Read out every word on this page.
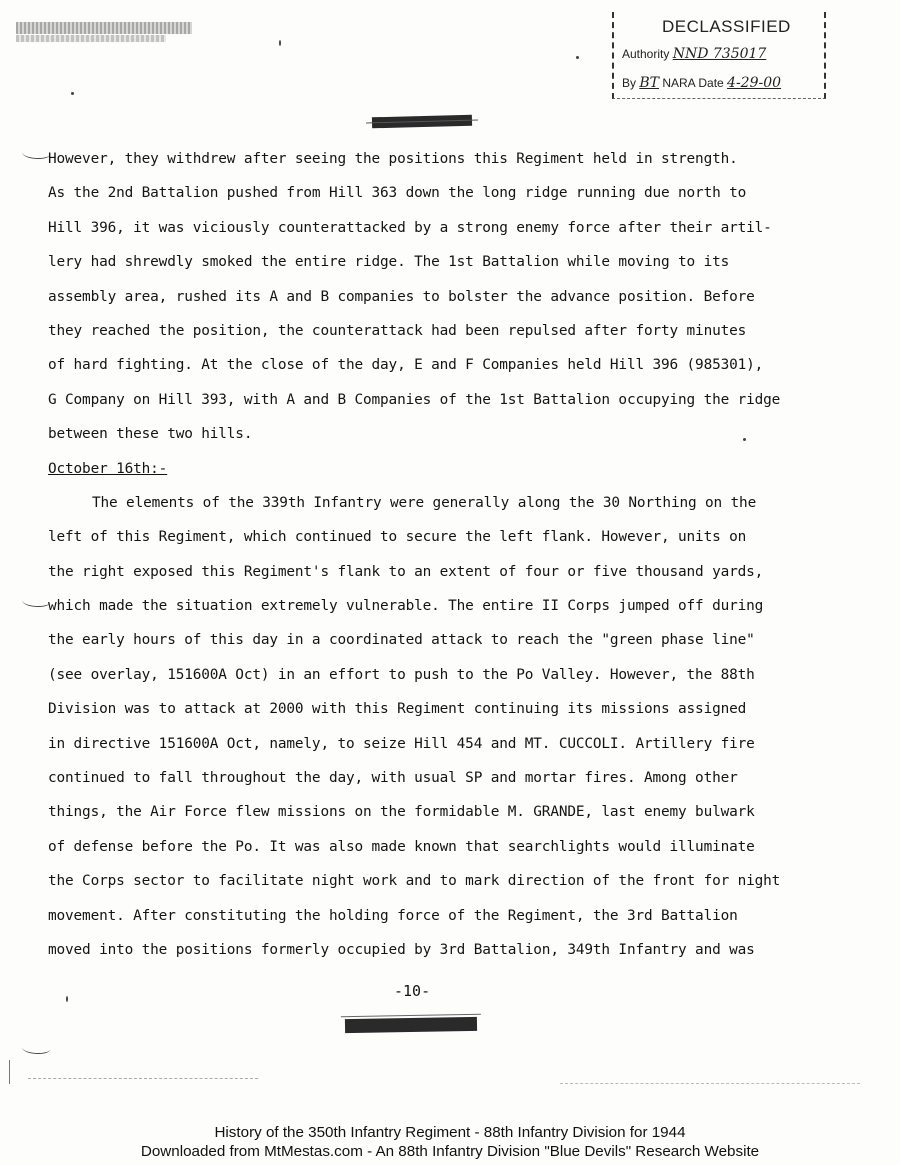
DECLASSIFIED
Authority NND 735017
By BT NARA Date 4-29-00
However, they withdrew after seeing the positions this Regiment held in strength.
As the 2nd Battalion pushed from Hill 363 down the long ridge running due north to
Hill 396, it was viciously counterattacked by a strong enemy force after their artil-
lery had shrewdly smoked the entire ridge. The 1st Battalion while moving to its
assembly area, rushed its A and B companies to bolster the advance position. Before
they reached the position, the counterattack had been repulsed after forty minutes
of hard fighting. At the close of the day, E and F Companies held Hill 396 (985301),
G Company on Hill 393, with A and B Companies of the 1st Battalion occupying the ridge
between these two hills.
October 16th:-
The elements of the 339th Infantry were generally along the 30 Northing on the
left of this Regiment, which continued to secure the left flank. However, units on
the right exposed this Regiment's flank to an extent of four or five thousand yards,
which made the situation extremely vulnerable. The entire II Corps jumped off during
the early hours of this day in a coordinated attack to reach the "green phase line"
(see overlay, 151600A Oct) in an effort to push to the Po Valley. However, the 88th
Division was to attack at 2000 with this Regiment continuing its missions assigned
in directive 151600A Oct, namely, to seize Hill 454 and MT. CUCCOLI. Artillery fire
continued to fall throughout the day, with usual SP and mortar fires. Among other
things, the Air Force flew missions on the formidable M. GRANDE, last enemy bulwark
of defense before the Po. It was also made known that searchlights would illuminate
the Corps sector to facilitate night work and to mark direction of the front for night
movement. After constituting the holding force of the Regiment, the 3rd Battalion
moved into the positions formerly occupied by 3rd Battalion, 349th Infantry and was
-10-
History of the 350th Infantry Regiment - 88th Infantry Division for 1944
Downloaded from MtMestas.com - An 88th Infantry Division "Blue Devils" Research Website
